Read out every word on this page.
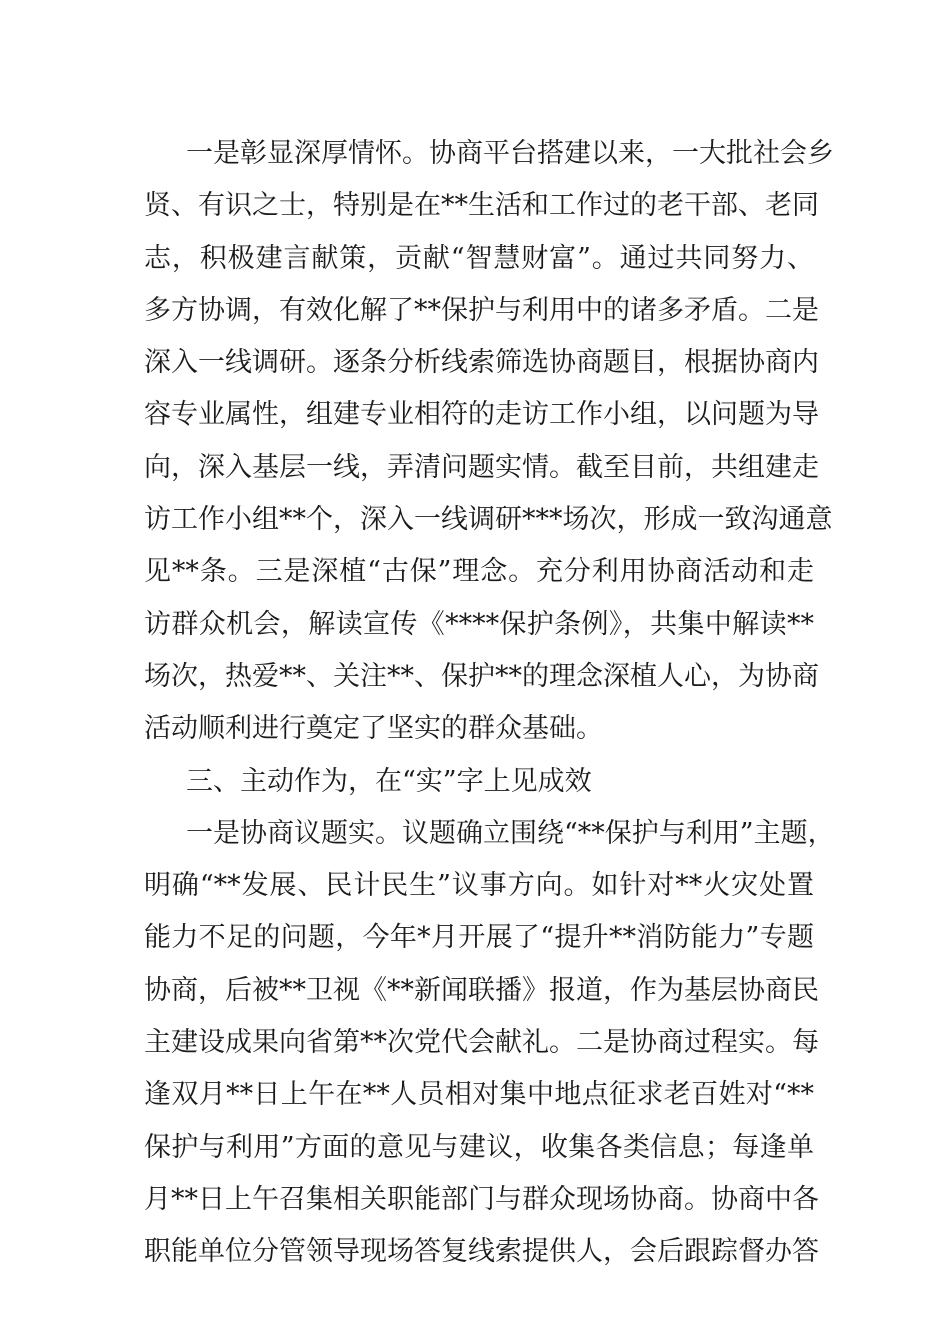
一是彰显深厚情怀。协商平台搭建以来，一大批社会乡
贤、有识之士，特别是在**生活和工作过的老干部、老同
志，积极建言献策，贡献“智慧财富”。通过共同努力、
多方协调，有效化解了**保护与利用中的诸多矛盾。二是
深入一线调研。逐条分析线索筛选协商题目，根据协商内
容专业属性，组建专业相符的走访工作小组，以问题为导
向，深入基层一线，弄清问题实情。截至目前，共组建走
访工作小组**个，深入一线调研***场次，形成一致沟通意
见**条。三是深植“古保”理念。充分利用协商活动和走
访群众机会，解读宣传《****保护条例》，共集中解读**
场次，热爱**、关注**、保护**的理念深植人心，为协商
活动顺利进行奠定了坚实的群众基础。
三、主动作为，在“实”字上见成效
一是协商议题实。议题确立围绕“**保护与利用”主题，
明确“**发展、民计民生”议事方向。如针对**火灾处置
能力不足的问题，今年*月开展了“提升**消防能力”专题
协商，后被**卫视《**新闻联播》报道，作为基层协商民
主建设成果向省第**次党代会献礼。二是协商过程实。每
逢双月**日上午在**人员相对集中地点征求老百姓对“**
保护与利用”方面的意见与建议，收集各类信息；每逢单
月**日上午召集相关职能部门与群众现场协商。协商中各
职能单位分管领导现场答复线索提供人，会后跟踪督办答
